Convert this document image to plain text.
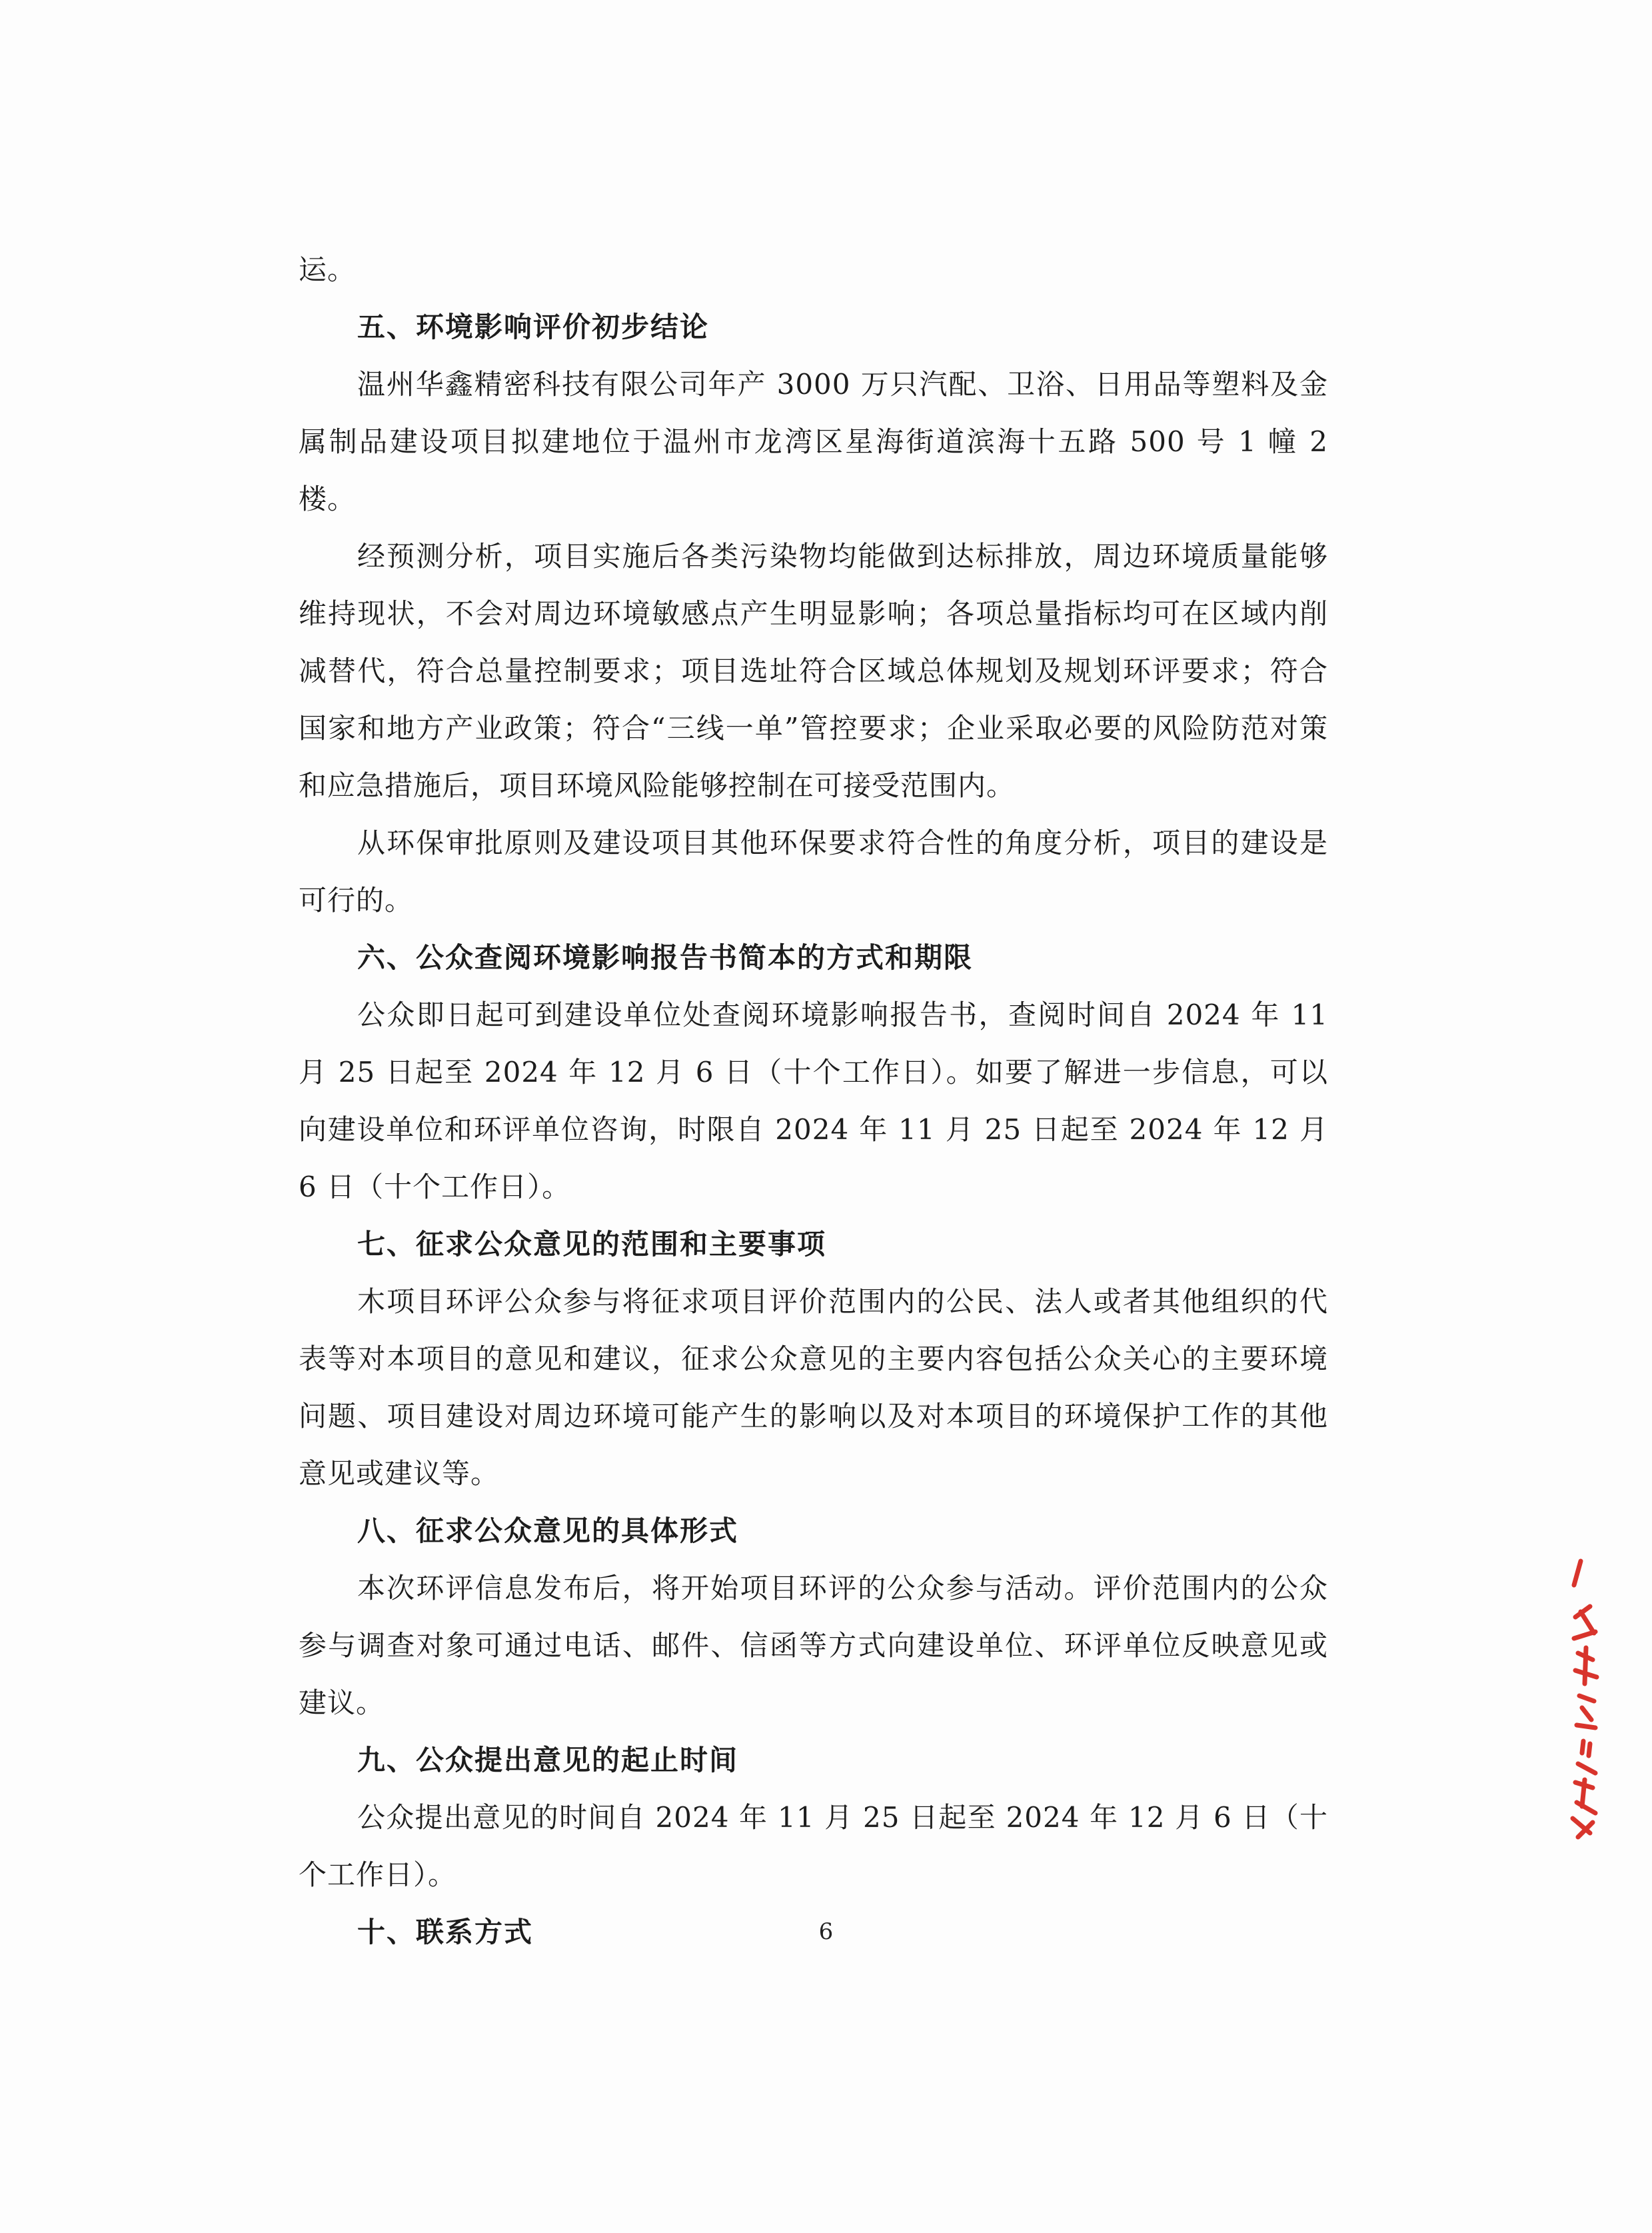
运。

五、环境影响评价初步结论

温州华鑫精密科技有限公司年产 3000 万只汽配、卫浴、日用品等塑料及金属制品建设项目拟建地位于温州市龙湾区星海街道滨海十五路 500 号 1 幢 2 楼。

经预测分析，项目实施后各类污染物均能做到达标排放，周边环境质量能够维持现状，不会对周边环境敏感点产生明显影响；各项总量指标均可在区域内削减替代，符合总量控制要求；项目选址符合区域总体规划及规划环评要求；符合国家和地方产业政策；符合“三线一单”管控要求；企业采取必要的风险防范对策和应急措施后，项目环境风险能够控制在可接受范围内。

从环保审批原则及建设项目其他环保要求符合性的角度分析，项目的建设是可行的。

六、公众查阅环境影响报告书简本的方式和期限

公众即日起可到建设单位处查阅环境影响报告书，查阅时间自 2024 年 11 月 25 日起至 2024 年 12 月 6 日（十个工作日）。如要了解进一步信息，可以向建设单位和环评单位咨询，时限自 2024 年 11 月 25 日起至 2024 年 12 月 6 日（十个工作日）。

七、征求公众意见的范围和主要事项

木项目环评公众参与将征求项目评价范围内的公民、法人或者其他组织的代表等对本项目的意见和建议，征求公众意见的主要内容包括公众关心的主要环境问题、项目建设对周边环境可能产生的影响以及对本项目的环境保护工作的其他意见或建议等。

八、征求公众意见的具体形式

本次环评信息发布后，将开始项目环评的公众参与活动。评价范围内的公众参与调查对象可通过电话、邮件、信函等方式向建设单位、环评单位反映意见或建议。

九、公众提出意见的起止时间

公众提出意见的时间自 2024 年 11 月 25 日起至 2024 年 12 月 6 日（十个工作日）。

十、联系方式	6
